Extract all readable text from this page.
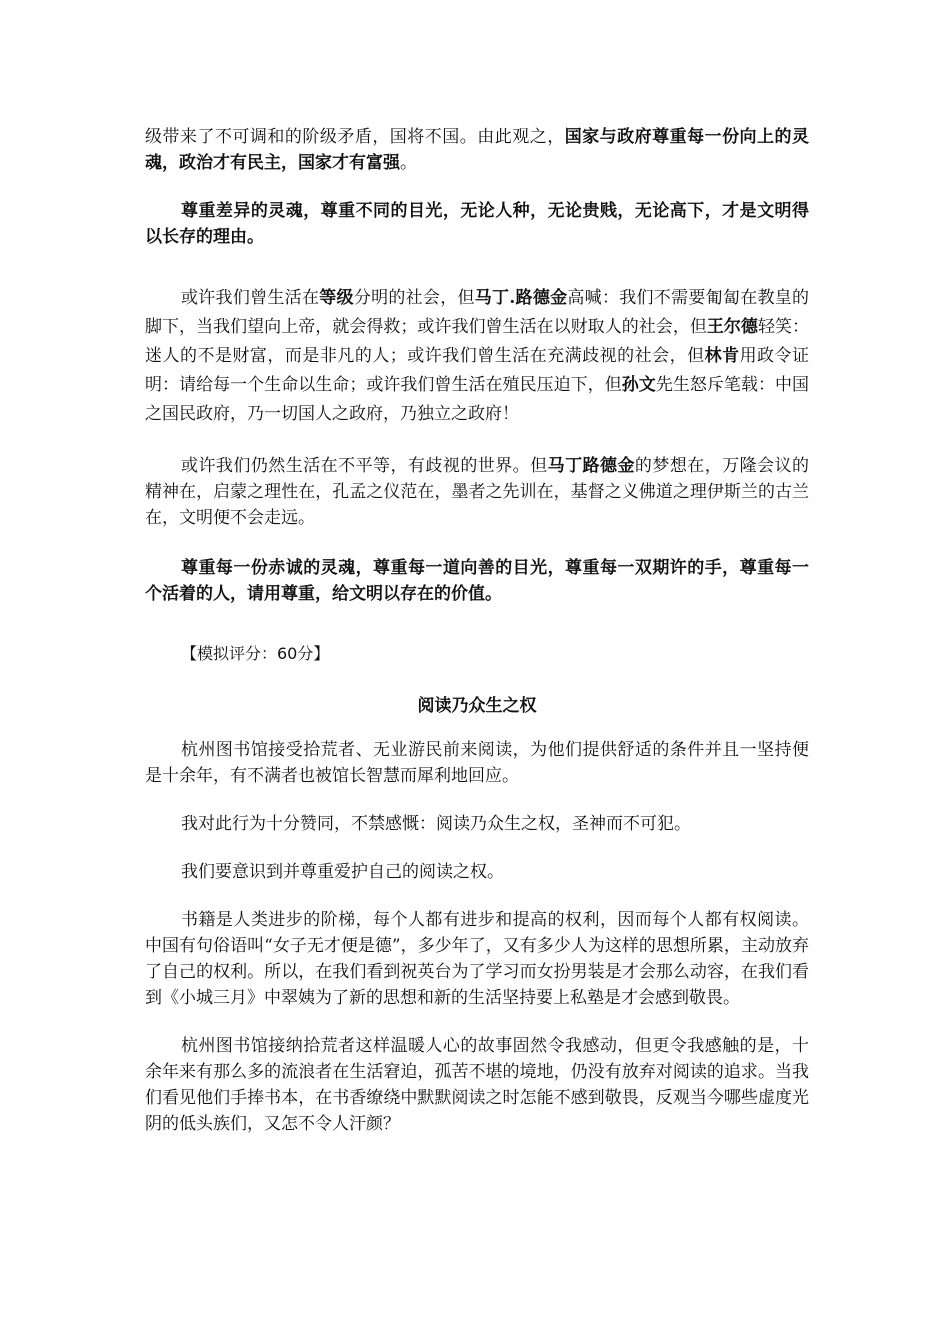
级带来了不可调和的阶级矛盾，国将不国。由此观之，国家与政府尊重每一份向上的灵魂，政治才有民主，国家才有富强。

尊重差异的灵魂，尊重不同的目光，无论人种，无论贵贱，无论高下，才是文明得以长存的理由。

或许我们曾生活在等级分明的社会，但马丁.路德金高喊：我们不需要匍匐在教皇的脚下，当我们望向上帝，就会得救；或许我们曾生活在以财取人的社会，但王尔德轻笑：迷人的不是财富，而是非凡的人；或许我们曾生活在充满歧视的社会，但林肯用政令证明：请给每一个生命以生命；或许我们曾生活在殖民压迫下，但孙文先生怒斥笔载：中国之国民政府，乃一切国人之政府，乃独立之政府！

或许我们仍然生活在不平等，有歧视的世界。但马丁路德金的梦想在，万隆会议的精神在，启蒙之理性在，孔孟之仪范在，墨者之先训在，基督之义佛道之理伊斯兰的古兰在，文明便不会走远。

尊重每一份赤诚的灵魂，尊重每一道向善的目光，尊重每一双期许的手，尊重每一个活着的人，请用尊重，给文明以存在的价值。

【模拟评分：60分】

阅读乃众生之权

杭州图书馆接受拾荒者、无业游民前来阅读，为他们提供舒适的条件并且一坚持便是十余年，有不满者也被馆长智慧而犀利地回应。

我对此行为十分赞同，不禁感慨：阅读乃众生之权，圣神而不可犯。

我们要意识到并尊重爱护自己的阅读之权。

书籍是人类进步的阶梯，每个人都有进步和提高的权利，因而每个人都有权阅读。中国有句俗语叫“女子无才便是德”，多少年了，又有多少人为这样的思想所累，主动放弃了自己的权利。所以，在我们看到祝英台为了学习而女扮男装是才会那么动容，在我们看到《小城三月》中翠姨为了新的思想和新的生活坚持要上私塾是才会感到敬畏。

杭州图书馆接纳拾荒者这样温暖人心的故事固然令我感动，但更令我感触的是，十余年来有那么多的流浪者在生活窘迫，孤苦不堪的境地，仍没有放弃对阅读的追求。当我们看见他们手捧书本，在书香缭绕中默默阅读之时怎能不感到敬畏，反观当今哪些虚度光阴的低头族们，又怎不令人汗颜？
